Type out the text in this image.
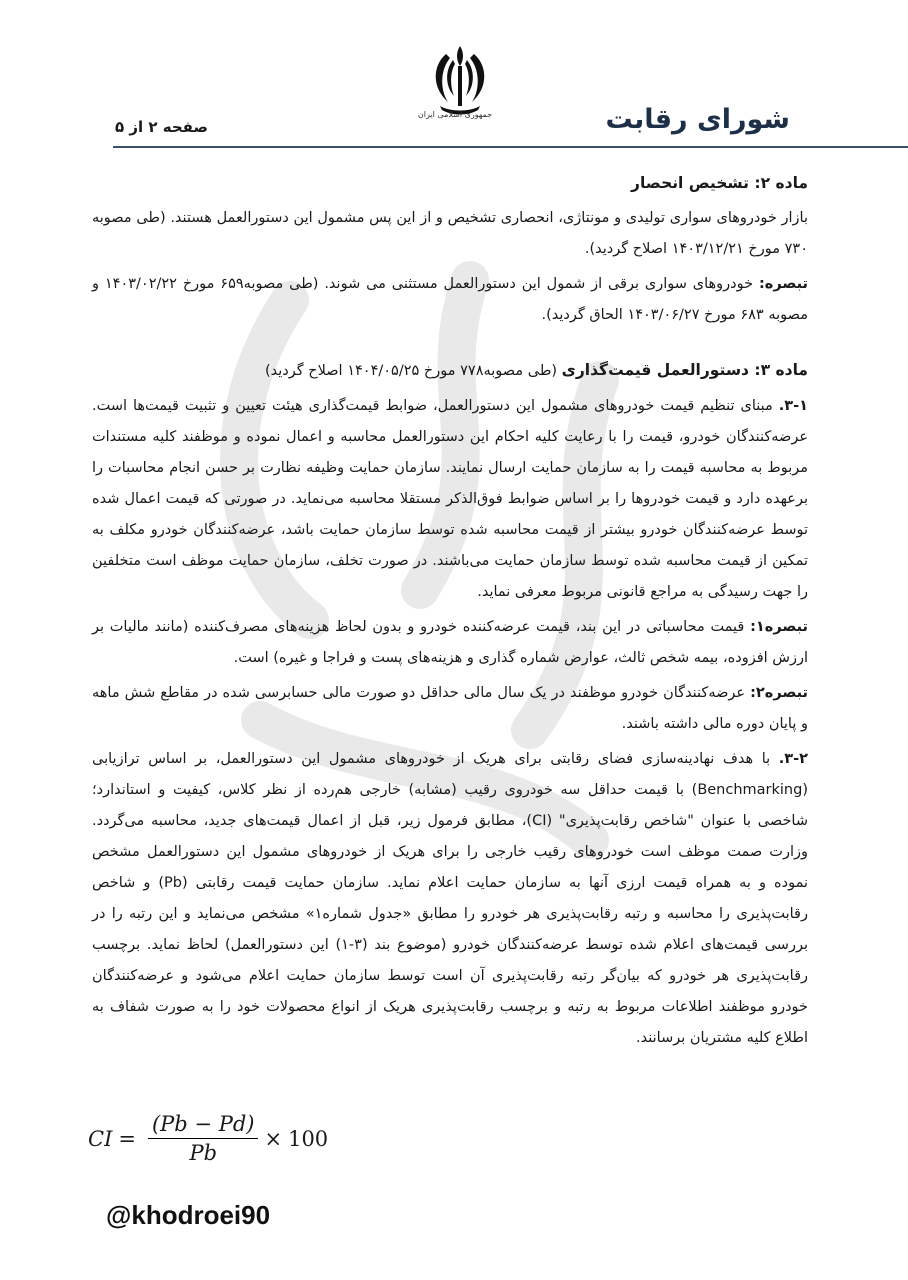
جمهوری اسلامی ایران	شورای رقابت
صفحه ۲ از ۵

ماده ۲: تشخیص انحصار

بازار خودروهای سواری تولیدی و مونتاژی، انحصاری تشخیص و از این پس مشمول این دستورالعمل هستند. (طی مصوبه ۷۳۰ مورخ ۱۴۰۳/۱۲/۲۱ اصلاح گردید).

تبصره: خودروهای سواری برقی از شمول این دستورالعمل مستثنی می شوند. (طی مصوبه۶۵۹ مورخ ۱۴۰۳/۰۲/۲۲ و مصوبه ۶۸۳ مورخ ۱۴۰۳/۰۶/۲۷ الحاق گردید).

ماده ۳: دستورالعمل قیمت‌گذاری (طی مصوبه۷۷۸ مورخ ۱۴۰۴/۰۵/۲۵ اصلاح گردید)

۳-۱. مبنای تنظیم قیمت خودروهای مشمول این دستورالعمل، ضوابط قیمت‌گذاری هیئت تعیین و تثبیت قیمت‌ها است. عرضه‌کنندگان خودرو، قیمت را با رعایت کلیه احکام این دستورالعمل محاسبه و اعمال نموده و موظفند کلیه مستندات مربوط به محاسبه قیمت را به سازمان حمایت ارسال نمایند. سازمان حمایت وظیفه نظارت بر حسن انجام محاسبات را برعهده دارد و قیمت خودروها را بر اساس ضوابط فوق‌الذکر مستقلا محاسبه می‌نماید. در صورتی که قیمت اعمال شده توسط عرضه‌کنندگان خودرو بیشتر از قیمت محاسبه شده توسط سازمان حمایت باشد، عرضه‌کنندگان خودرو مکلف به تمکین از قیمت محاسبه شده توسط سازمان حمایت می‌باشند. در صورت تخلف، سازمان حمایت موظف است متخلفین را جهت رسیدگی به مراجع قانونی مربوط معرفی نماید.

تبصره۱: قیمت محاسباتی در این بند، قیمت عرضه‌کننده خودرو و بدون لحاظ هزینه‌های مصرف‌کننده (مانند مالیات بر ارزش افزوده، بیمه شخص ثالث، عوارض شماره گذاری و هزینه‌های پست و فراجا و غیره) است.

تبصره۲: عرضه‌کنندگان خودرو موظفند در یک سال مالی حداقل دو صورت مالی حسابرسی شده در مقاطع شش ماهه و پایان دوره مالی داشته باشند.

۳-۲. با هدف نهادینه‌سازی فضای رقابتی برای هریک از خودروهای مشمول این دستورالعمل، بر اساس ترازیابی (Benchmarking) با قیمت حداقل سه خودروی رقیب (مشابه) خارجی هم‌رده از نظر کلاس، کیفیت و استاندارد؛ شاخصی با عنوان "شاخص رقابت‌پذیری" (CI)، مطابق فرمول زیر، قبل از اعمال قیمت‌های جدید، محاسبه می‌گردد. وزارت صمت موظف است خودروهای رقیب خارجی را برای هریک از خودروهای مشمول این دستورالعمل مشخص نموده و به همراه قیمت ارزی آنها به سازمان حمایت اعلام نماید. سازمان حمایت قیمت رقابتی (Pb) و شاخص رقابت‌پذیری را محاسبه و رتبه رقابت‌پذیری هر خودرو را مطابق «جدول شماره۱» مشخص می‌نماید و این رتبه را در بررسی قیمت‌های اعلام شده توسط عرضه‌کنندگان خودرو (موضوع بند (۳-۱) این دستورالعمل) لحاظ نماید. برچسب رقابت‌پذیری هر خودرو که بیان‌گر رتبه رقابت‌پذیری آن است توسط سازمان حمایت اعلام می‌شود و عرضه‌کنندگان خودرو موظفند اطلاعات مربوط به رتبه و برچسب رقابت‌پذیری هریک از انواع محصولات خود را به صورت شفاف به اطلاع کلیه مشتریان برسانند.

CI = $\frac{(Pb - Pd)}{Pb} \times 100$
@khodroei90
